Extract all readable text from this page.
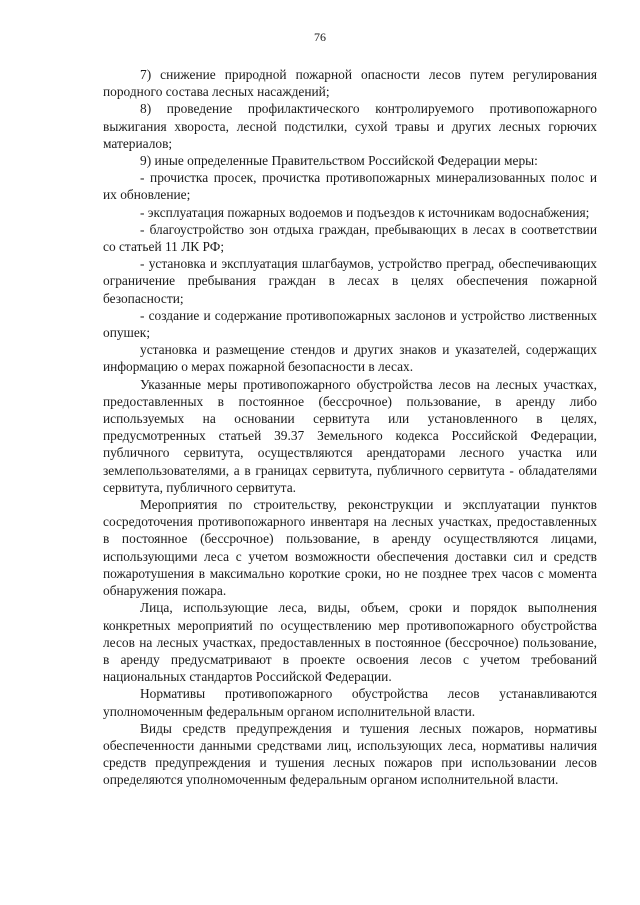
76

7) снижение природной пожарной опасности лесов путем регулирования породного состава лесных насаждений;

8) проведение профилактического контролируемого противопожарного выжигания хвороста, лесной подстилки, сухой травы и других лесных горючих материалов;

9) иные определенные Правительством Российской Федерации меры:

- прочистка просек, прочистка противопожарных минерализованных полос и их обновление;

- эксплуатация пожарных водоемов и подъездов к источникам водоснабжения;

- благоустройство зон отдыха граждан, пребывающих в лесах в соответствии со статьей 11 ЛК РФ;

- установка и эксплуатация шлагбаумов, устройство преград, обеспечивающих ограничение пребывания граждан в лесах в целях обеспечения пожарной безопасности;

- создание и содержание противопожарных заслонов и устройство лиственных опушек;

установка и размещение стендов и других знаков и указателей, содержащих информацию о мерах пожарной безопасности в лесах.

Указанные меры противопожарного обустройства лесов на лесных участках, предоставленных в постоянное (бессрочное) пользование, в аренду либо используемых на основании сервитута или установленного в целях, предусмотренных статьей 39.37 Земельного кодекса Российской Федерации, публичного сервитута, осуществляются арендаторами лесного участка или землепользователями, а в границах сервитута, публичного сервитута - обладателями сервитута, публичного сервитута.

Мероприятия по строительству, реконструкции и эксплуатации пунктов сосредоточения противопожарного инвентаря на лесных участках, предоставленных в постоянное (бессрочное) пользование, в аренду осуществляются лицами, использующими леса с учетом возможности обеспечения доставки сил и средств пожаротушения в максимально короткие сроки, но не позднее трех часов с момента обнаружения пожара.

Лица, использующие леса, виды, объем, сроки и порядок выполнения конкретных мероприятий по осуществлению мер противопожарного обустройства лесов на лесных участках, предоставленных в постоянное (бессрочное) пользование, в аренду предусматривают в проекте освоения лесов с учетом требований национальных стандартов Российской Федерации.

Нормативы противопожарного обустройства лесов устанавливаются уполномоченным федеральным органом исполнительной власти.

Виды средств предупреждения и тушения лесных пожаров, нормативы обеспеченности данными средствами лиц, использующих леса, нормативы наличия средств предупреждения и тушения лесных пожаров при использовании лесов определяются уполномоченным федеральным органом исполнительной власти.
